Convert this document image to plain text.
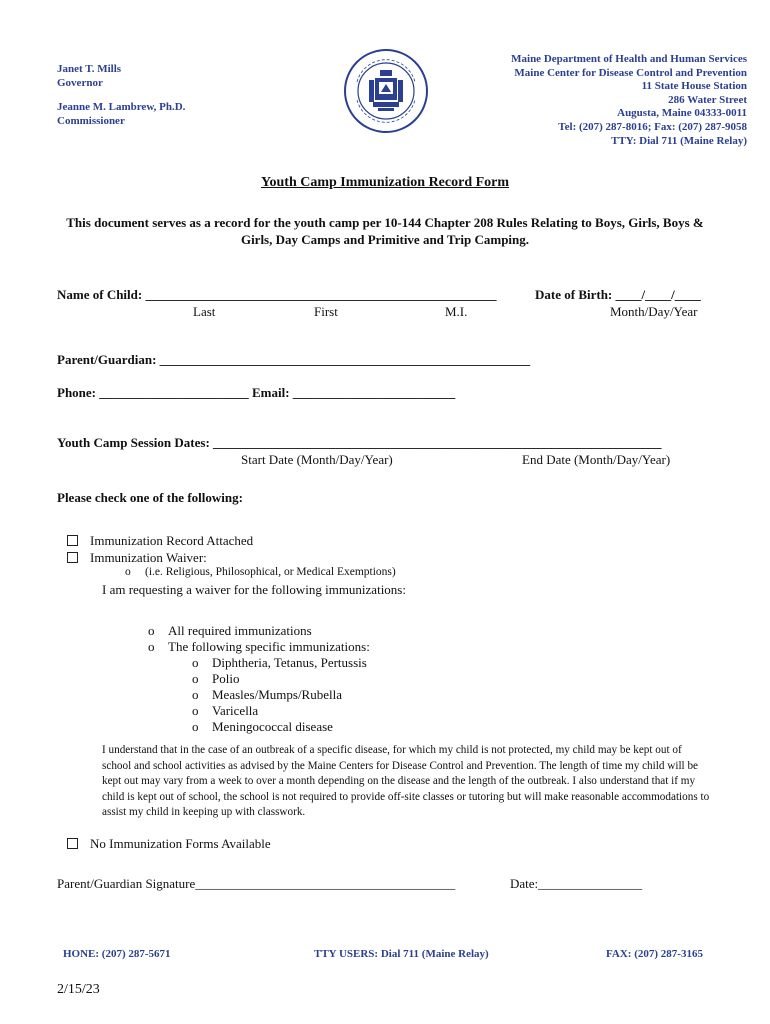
Janet T. Mills
Governor
Jeanne M. Lambrew, Ph.D.
Commissioner
Maine Department of Health and Human Services
Maine Center for Disease Control and Prevention
11 State House Station
286 Water Street
Augusta, Maine 04333-0011
Tel: (207) 287-8016; Fax: (207) 287-9058
TTY: Dial 711 (Maine Relay)
Youth Camp Immunization Record Form
This document serves as a record for the youth camp per 10-144 Chapter 208 Rules Relating to Boys, Girls, Boys & Girls, Day Camps and Primitive and Trip Camping.
Name of Child: ______________________________________________________	Date of Birth: ____/____/____
Last	First	M.I.	Month/Day/Year
Parent/Guardian: _________________________________________________________
Phone: _______________________ Email: _________________________
Youth Camp Session Dates: _____________________________________________________________________
Start Date (Month/Day/Year)	End Date (Month/Day/Year)
Please check one of the following:
Immunization Record Attached
Immunization Waiver:
o (i.e. Religious, Philosophical, or Medical Exemptions)
I am requesting a waiver for the following immunizations:
o All required immunizations
o The following specific immunizations:
o Diphtheria, Tetanus, Pertussis
o Polio
o Measles/Mumps/Rubella
o Varicella
o Meningococcal disease
I understand that in the case of an outbreak of a specific disease, for which my child is not protected, my child may be kept out of school and school activities as advised by the Maine Centers for Disease Control and Prevention. The length of time my child will be kept out may vary from a week to over a month depending on the disease and the length of the outbreak. I also understand that if my child is kept out of school, the school is not required to provide off-site classes or tutoring but will make reasonable accommodations to assist my child in keeping up with classwork.
No Immunization Forms Available
Parent/Guardian Signature________________________________________	Date:________________
HONE: (207) 287-5671	TTY USERS: Dial 711 (Maine Relay)	FAX: (207) 287-3165
2/15/23
